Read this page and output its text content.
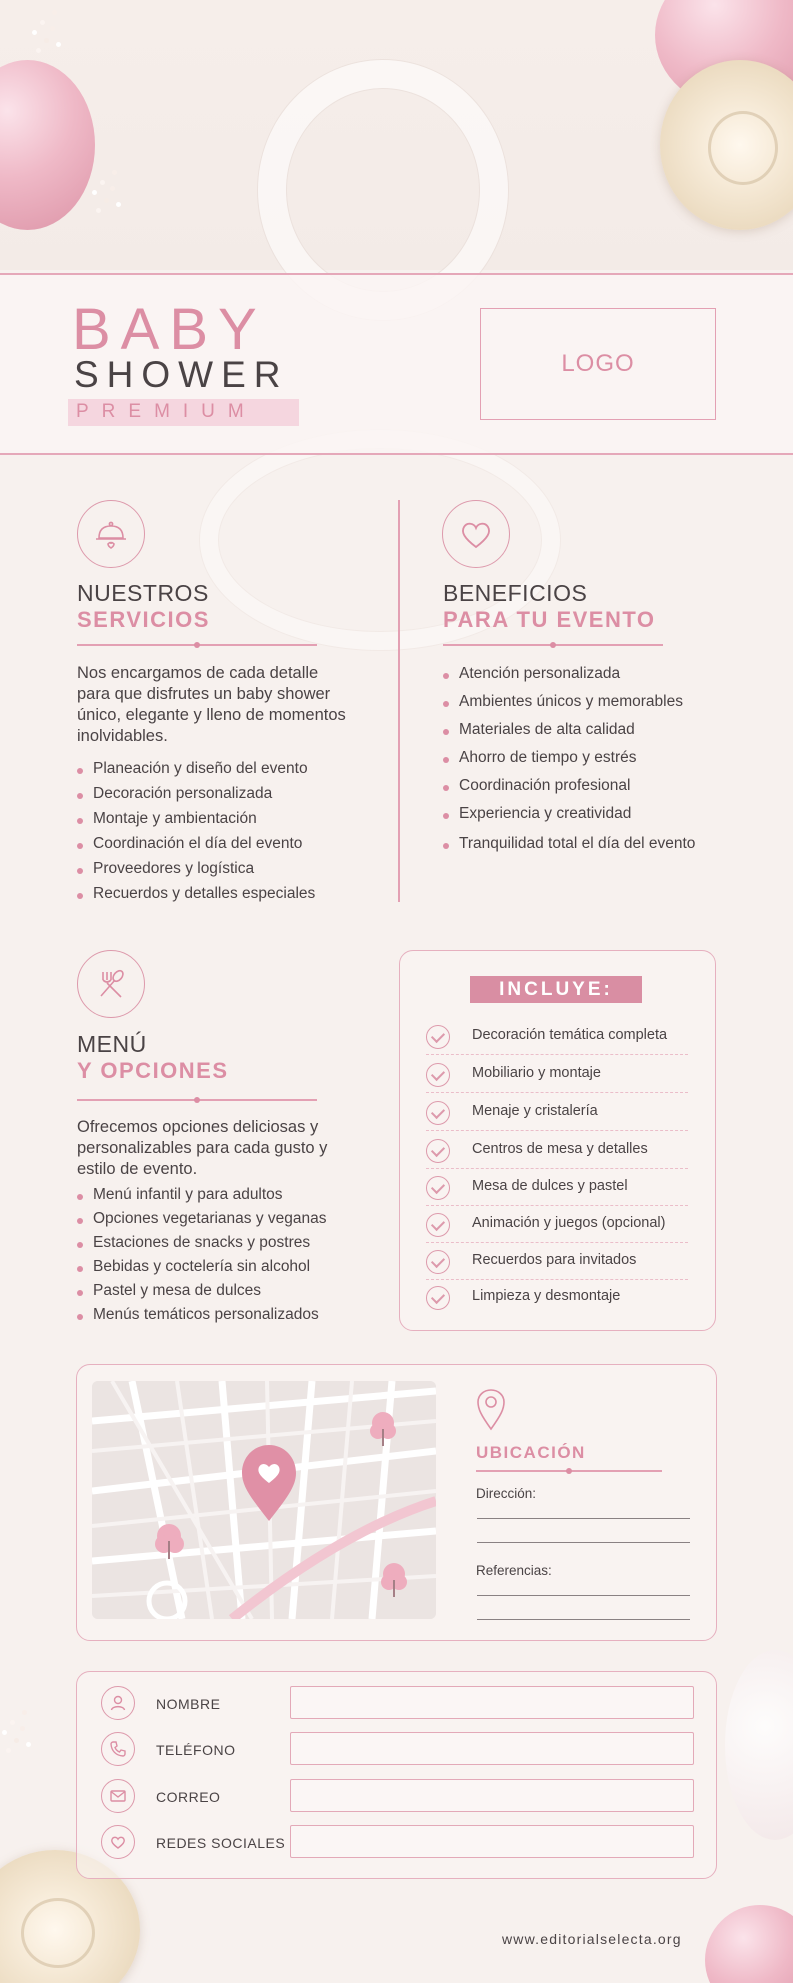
BABY
SHOWER
PREMIUM
LOGO
NUESTROS
SERVICIOS
Nos encargamos de cada detalle para que disfrutes un baby shower único, elegante y lleno de momentos inolvidables.
Planeación y diseño del evento
Decoración personalizada
Montaje y ambientación
Coordinación el día del evento
Proveedores y logística
Recuerdos y detalles especiales
BENEFICIOS
PARA TU EVENTO
Atención personalizada
Ambientes únicos y memorables
Materiales de alta calidad
Ahorro de tiempo y estrés
Coordinación profesional
Experiencia y creatividad
Tranquilidad total el día del evento
MENÚ
Y OPCIONES
Ofrecemos opciones deliciosas y personalizables para cada gusto y estilo de evento.
Menú infantil y para adultos
Opciones vegetarianas y veganas
Estaciones de snacks y postres
Bebidas y coctelería sin alcohol
Pastel y mesa de dulces
Menús temáticos personalizados
INCLUYE:
Decoración temática completa
Mobiliario y montaje
Menaje y cristalería
Centros de mesa y detalles
Mesa de dulces y pastel
Animación y juegos (opcional)
Recuerdos para invitados
Limpieza y desmontaje
UBICACIÓN
Dirección:
Referencias:
NOMBRE
TELÉFONO
CORREO
REDES SOCIALES
www.editorialselecta.org
